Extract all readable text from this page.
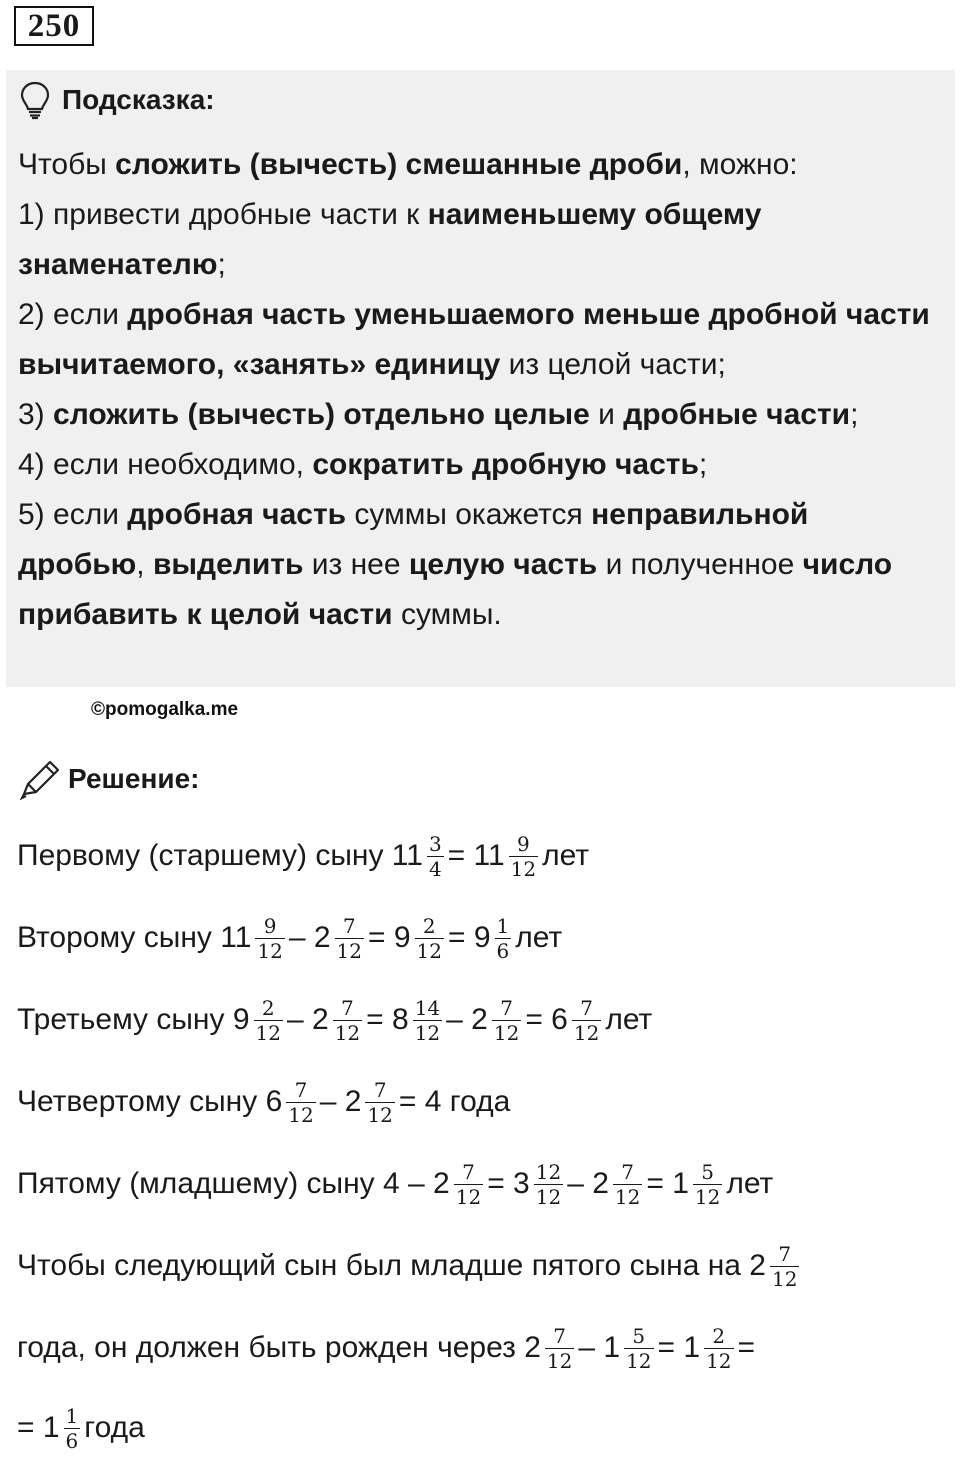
250
Подсказка:

Чтобы сложить (вычесть) смешанные дроби, можно:

1) привести дробные части к наименьшему общему знаменателю;

2) если дробная часть уменьшаемого меньше дробной части вычитаемого, «занять» единицу из целой части;

3) сложить (вычесть) отдельно целые и дробные части;

4) если необходимо, сократить дробную часть;

5) если дробная часть суммы окажется неправильной дробью, выделить из нее целую часть и полученное число прибавить к целой части суммы.

©pomogalka.me
Решение:
Первому (старшему) сыну $11 \frac{3}{4} = 11 \frac{9}{12}$ лет
Второму сыну $11 \frac{9}{12} - 2 \frac{7}{12} = 9 \frac{2}{12} = 9 \frac{1}{6}$ лет
Третьему сыну $9 \frac{2}{12} - 2 \frac{7}{12} = 8 \frac{14}{12} - 2 \frac{7}{12} = 6 \frac{7}{12}$ лет
Четвертому сыну $6 \frac{7}{12} - 2 \frac{7}{12} = 4$ года
Пятому (младшему) сыну $4 - 2 \frac{7}{12} = 3 \frac{12}{12} - 2 \frac{7}{12} = 1 \frac{5}{12}$ лет
Чтобы следующий сын был младше пятого сына на $2 \frac{7}{12}$
года, он должен быть рожден через $2 \frac{7}{12} - 1 \frac{5}{12} = 1 \frac{2}{12}$ =
= $1 \frac{1}{6}$ года
